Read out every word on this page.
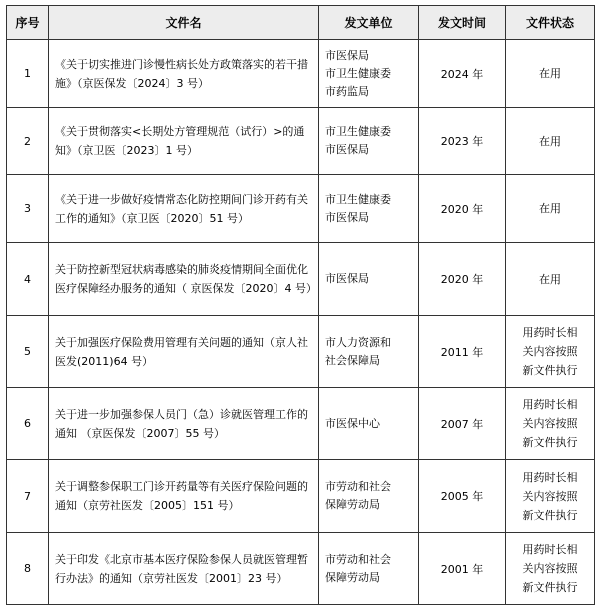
序号	文件名	发文单位	发文时间	文件状态
1	《关于切实推进门诊慢性病长处方政策落实的若干措施》（京医保发〔2024〕3 号）	市医保局
市卫生健康委
市药监局	2024 年	在用
2	《关于贯彻落实<长期处方管理规范（试行）>的通知》（京卫医〔2023〕1 号）	市卫生健康委
市医保局	2023 年	在用
3	《关于进一步做好疫情常态化防控期间门诊开药有关工作的通知》（京卫医〔2020〕51 号）	市卫生健康委
市医保局	2020 年	在用
4	关于防控新型冠状病毒感染的肺炎疫情期间全面优化医疗保障经办服务的通知（ 京医保发〔2020〕4 号）	市医保局	2020 年	在用
5	关于加强医疗保险费用管理有关问题的通知（京人社医发(2011)64 号）	市人力资源和
社会保障局	2011 年	用药时长相
关内容按照
新文件执行
6	关于进一步加强参保人员门（急）诊就医管理工作的通知 （京医保发〔2007〕55 号）	市医保中心	2007 年	用药时长相
关内容按照
新文件执行
7	关于调整参保职工门诊开药量等有关医疗保险问题的 通知（京劳社医发〔2005〕151 号）	市劳动和社会
保障劳动局	2005 年	用药时长相
关内容按照
新文件执行
8	关于印发《北京市基本医疗保险参保人员就医管理暂行办法》的通知（京劳社医发〔2001〕23 号）	市劳动和社会
保障劳动局	2001 年	用药时长相
关内容按照
新文件执行
